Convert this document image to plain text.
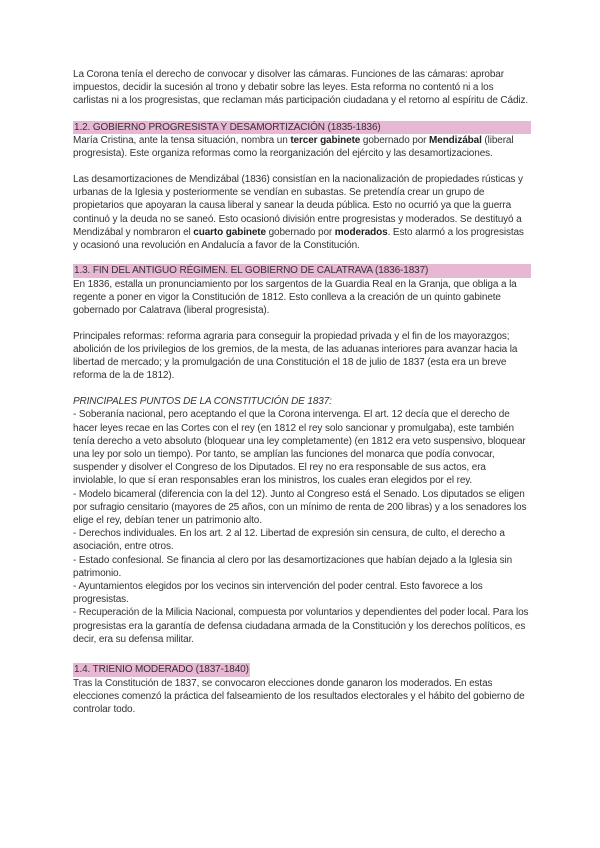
La Corona tenía el derecho de convocar y disolver las cámaras. Funciones de las cámaras: aprobar impuestos, decidir la sucesión al trono y debatir sobre las leyes. Esta reforma no contentó ni a los carlistas ni a los progresistas, que reclaman más participación ciudadana y el retorno al espíritu de Cádiz.

1.2. GOBIERNO PROGRESISTA Y DESAMORTIZACIÓN (1835-1836)

María Cristina, ante la tensa situación, nombra un tercer gabinete gobernado por Mendizábal (liberal progresista). Este organiza reformas como la reorganización del ejército y las desamortizaciones.

Las desamortizaciones de Mendizábal (1836) consistían en la nacionalización de propiedades rústicas y urbanas de la Iglesia y posteriormente se vendían en subastas. Se pretendía crear un grupo de propietarios que apoyaran la causa liberal y sanear la deuda pública. Esto no ocurrió ya que la guerra continuó y la deuda no se saneó. Esto ocasionó división entre progresistas y moderados. Se destituyó a Mendizábal y nombraron el cuarto gabinete gobernado por moderados. Esto alarmó a los progresistas y ocasionó una revolución en Andalucía a favor de la Constitución.

1.3. FIN DEL ANTIGUO RÉGIMEN. EL GOBIERNO DE CALATRAVA (1836-1837)

En 1836, estalla un pronunciamiento por los sargentos de la Guardia Real en la Granja, que obliga a la regente a poner en vigor la Constitución de 1812. Esto conlleva a la creación de un quinto gabinete gobernado por Calatrava (liberal progresista).

Principales reformas: reforma agraria para conseguir la propiedad privada y el fin de los mayorazgos; abolición de los privilegios de los gremios, de la mesta, de las aduanas interiores para avanzar hacia la libertad de mercado; y la promulgación de una Constitución el 18 de julio de 1837 (esta era un breve reforma de la de 1812).

PRINCIPALES PUNTOS DE LA CONSTITUCIÓN DE 1837:

- Soberanía nacional, pero aceptando el que la Corona intervenga. El art. 12 decía que el derecho de hacer leyes recae en las Cortes con el rey (en 1812 el rey solo sancionar y promulgaba), este también tenía derecho a veto absoluto (bloquear una ley completamente) (en 1812 era veto suspensivo, bloquear una ley por solo un tiempo). Por tanto, se amplían las funciones del monarca que podía convocar, suspender y disolver el Congreso de los Diputados. El rey no era responsable de sus actos, era inviolable, lo que sí eran responsables eran los ministros, los cuales eran elegidos por el rey.

- Modelo bicameral (diferencia con la del 12). Junto al Congreso está el Senado. Los diputados se eligen por sufragio censitario (mayores de 25 años, con un mínimo de renta de 200 libras) y a los senadores los elige el rey, debían tener un patrimonio alto.

- Derechos individuales. En los art. 2 al 12. Libertad de expresión sin censura, de culto, el derecho a asociación, entre otros.

- Estado confesional. Se financia al clero por las desamortizaciones que habían dejado a la Iglesia sin patrimonio.

- Ayuntamientos elegidos por los vecinos sin intervención del poder central. Esto favorece a los progresistas.

- Recuperación de la Milicia Nacional, compuesta por voluntarios y dependientes del poder local. Para los progresistas era la garantía de defensa ciudadana armada de la Constitución y los derechos políticos, es decir, era su defensa militar.

1.4. TRIENIO MODERADO (1837-1840)

Tras la Constitución de 1837, se convocaron elecciones donde ganaron los moderados. En estas elecciones comenzó la práctica del falseamiento de los resultados electorales y el hábito del gobierno de controlar todo.
